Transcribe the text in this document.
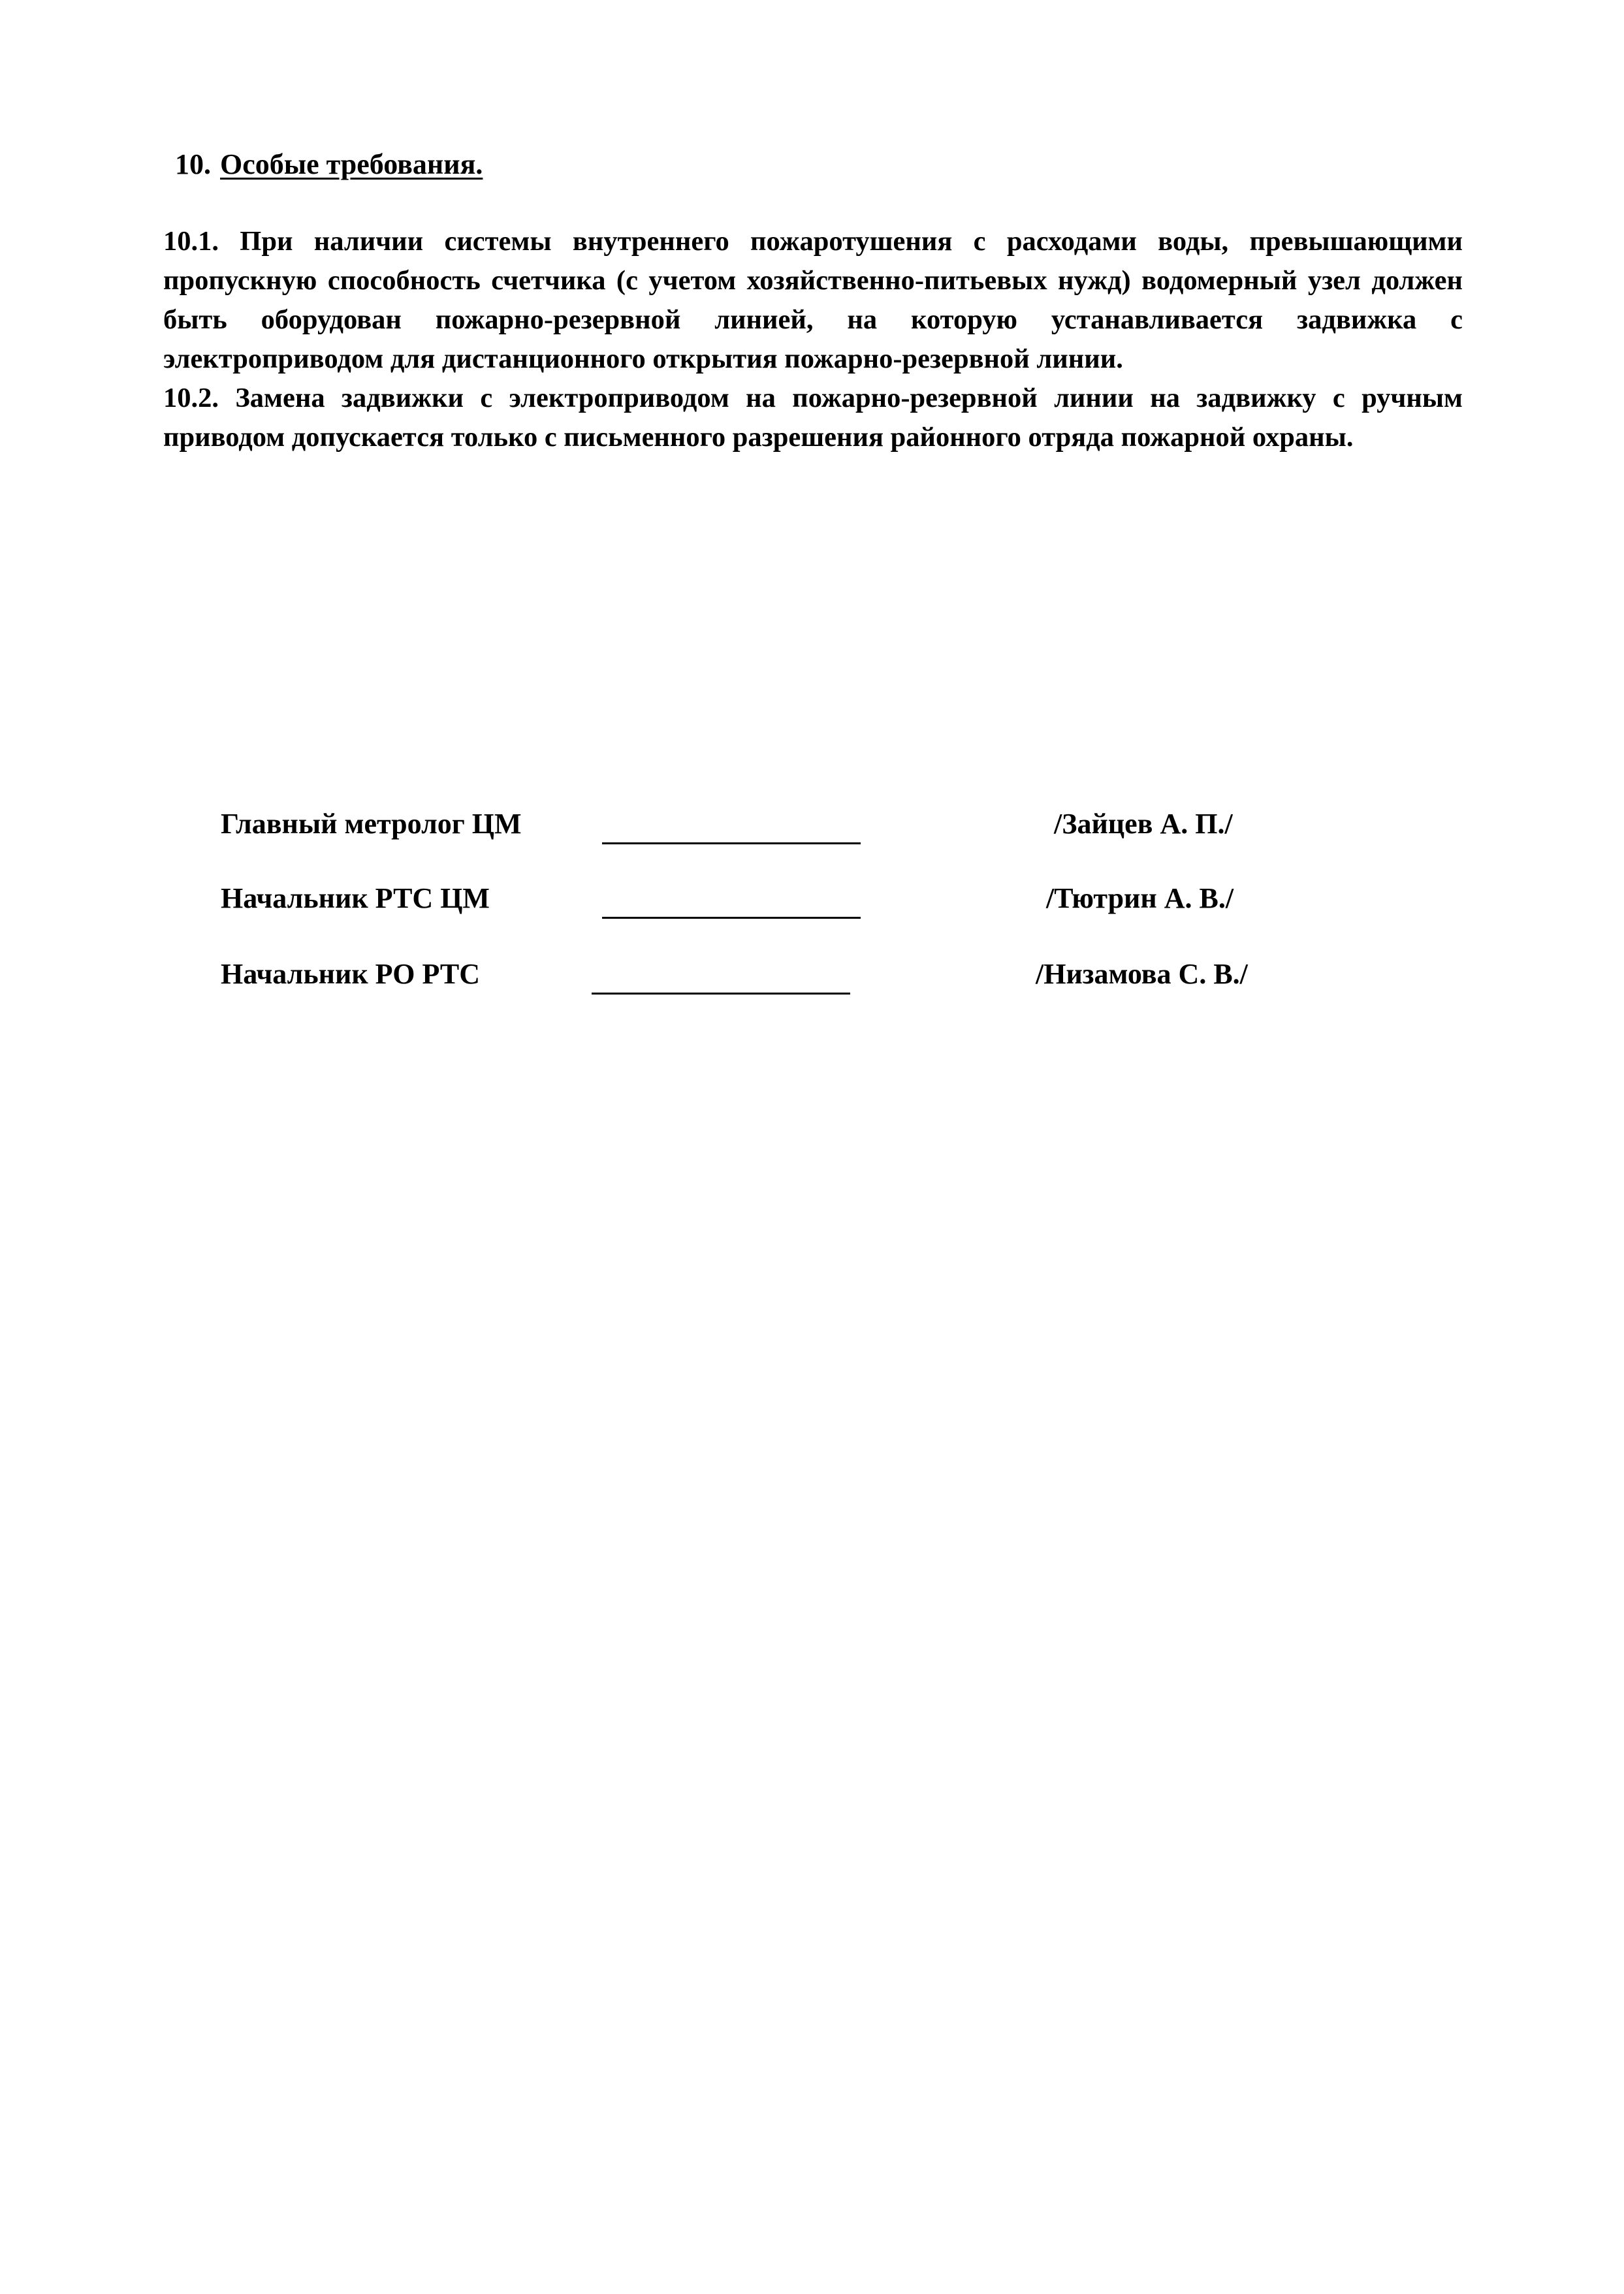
10. Особые требования.

10.1. При наличии системы внутреннего пожаротушения с расходами воды, превышающими пропускную способность счетчика (с учетом хозяйственно-питьевых нужд) водомерный узел должен быть оборудован пожарно-резервной линией, на которую устанавливается задвижка с электроприводом для дистанционного открытия пожарно-резервной линии.

10.2. Замена задвижки с электроприводом на пожарно-резервной линии на задвижку с ручным приводом допускается только с письменного разрешения районного отряда пожарной охраны.

Главный метролог ЦМ	/Зайцев А. П./
Начальник РТС ЦМ	/Тютрин А. В./
Начальник РО РТС	/Низамова С. В./
